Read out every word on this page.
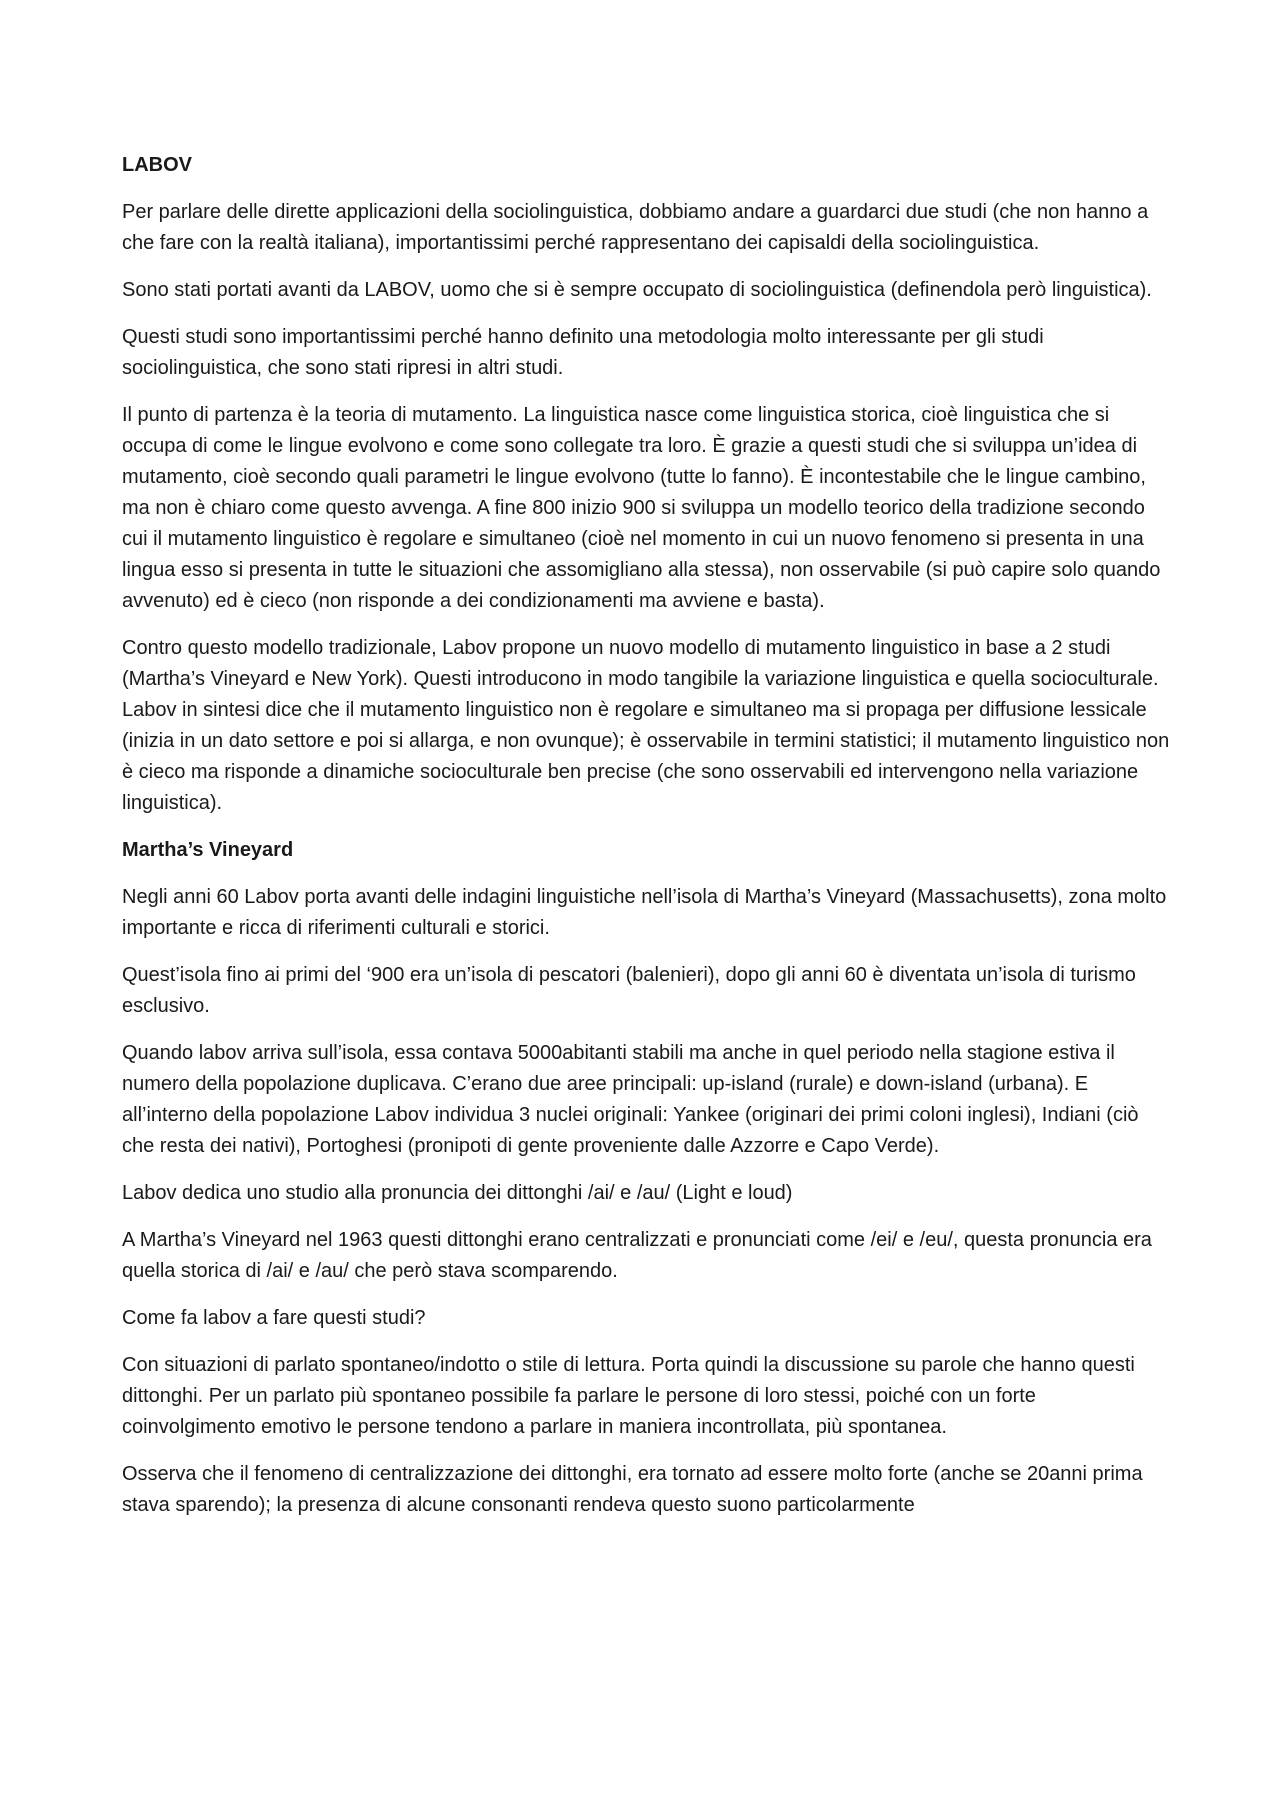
LABOV

Per parlare delle dirette applicazioni della sociolinguistica, dobbiamo andare a guardarci due studi (che non hanno a che fare con la realtà italiana), importantissimi perché rappresentano dei capisaldi della sociolinguistica.

Sono stati portati avanti da LABOV, uomo che si è sempre occupato di sociolinguistica (definendola però linguistica).

Questi studi sono importantissimi perché hanno definito una metodologia molto interessante per gli studi sociolinguistica, che sono stati ripresi in altri studi.

Il punto di partenza è la teoria di mutamento. La linguistica nasce come linguistica storica, cioè linguistica che si occupa di come le lingue evolvono e come sono collegate tra loro. È grazie a questi studi che si sviluppa un’idea di mutamento, cioè secondo quali parametri le lingue evolvono (tutte lo fanno). È incontestabile che le lingue cambino, ma non è chiaro come questo avvenga. A fine 800 inizio 900 si sviluppa un modello teorico della tradizione secondo cui il mutamento linguistico è regolare e simultaneo (cioè nel momento in cui un nuovo fenomeno si presenta in una lingua esso si presenta in tutte le situazioni che assomigliano alla stessa), non osservabile (si può capire solo quando avvenuto) ed è cieco (non risponde a dei condizionamenti ma avviene e basta).

Contro questo modello tradizionale, Labov propone un nuovo modello di mutamento linguistico in base a 2 studi (Martha’s Vineyard e New York). Questi introducono in modo tangibile la variazione linguistica e quella socioculturale. Labov in sintesi dice che il mutamento linguistico non è regolare e simultaneo ma si propaga per diffusione lessicale (inizia in un dato settore e poi si allarga, e non ovunque); è osservabile in termini statistici; il mutamento linguistico non è cieco ma risponde a dinamiche socioculturale ben precise (che sono osservabili ed intervengono nella variazione linguistica).

Martha’s Vineyard

Negli anni 60 Labov porta avanti delle indagini linguistiche nell’isola di Martha’s Vineyard (Massachusetts), zona molto importante e ricca di riferimenti culturali e storici.

Quest’isola fino ai primi del ‘900 era un’isola di pescatori (balenieri), dopo gli anni 60 è diventata un’isola di turismo esclusivo.

Quando labov arriva sull’isola, essa contava 5000abitanti stabili ma anche in quel periodo nella stagione estiva il numero della popolazione duplicava. C’erano due aree principali: up-island (rurale) e down-island (urbana). E all’interno della popolazione Labov individua 3 nuclei originali: Yankee (originari dei primi coloni inglesi), Indiani (ciò che resta dei nativi), Portoghesi (pronipoti di gente proveniente dalle Azzorre e Capo Verde).

Labov dedica uno studio alla pronuncia dei dittonghi /ai/ e /au/ (Light e loud)

A Martha’s Vineyard nel 1963 questi dittonghi erano centralizzati e pronunciati come /ei/ e /eu/, questa pronuncia era quella storica di /ai/ e /au/ che però stava scomparendo.

Come fa labov a fare questi studi?

Con situazioni di parlato spontaneo/indotto o stile di lettura. Porta quindi la discussione su parole che hanno questi dittonghi. Per un parlato più spontaneo possibile fa parlare le persone di loro stessi, poiché con un forte coinvolgimento emotivo le persone tendono a parlare in maniera incontrollata, più spontanea.

Osserva che il fenomeno di centralizzazione dei dittonghi, era tornato ad essere molto forte (anche se 20anni prima stava sparendo); la presenza di alcune consonanti rendeva questo suono particolarmente
